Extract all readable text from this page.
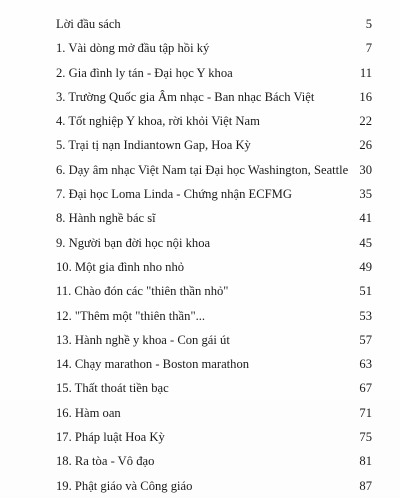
Lời đầu sách	5
1. Vài dòng mở đầu tập hồi ký	7
2. Gia đình ly tán - Đại học Y khoa	11
3. Trường Quốc gia Âm nhạc - Ban nhạc Bách Việt	16
4. Tốt nghiệp Y khoa, rời khỏi Việt Nam	22
5. Trại tị nạn Indiantown Gap, Hoa Kỳ	26
6. Dạy âm nhạc Việt Nam tại Đại học Washington, Seattle 30
7. Đại học Loma Linda - Chứng nhận ECFMG	35
8. Hành nghề bác sĩ	41
9. Người bạn đời học nội khoa	45
10. Một gia đình nho nhỏ	49
11. Chào đón các "thiên thần nhỏ"	51
12. "Thêm một "thiên thần"...	53
13. Hành nghề y khoa - Con gái út	57
14. Chạy marathon - Boston marathon	63
15. Thất thoát tiền bạc	67
16. Hàm oan	71
17. Pháp luật Hoa Kỳ	75
18. Ra tòa - Vô đạo	81
19. Phật giáo và Công giáo	87
